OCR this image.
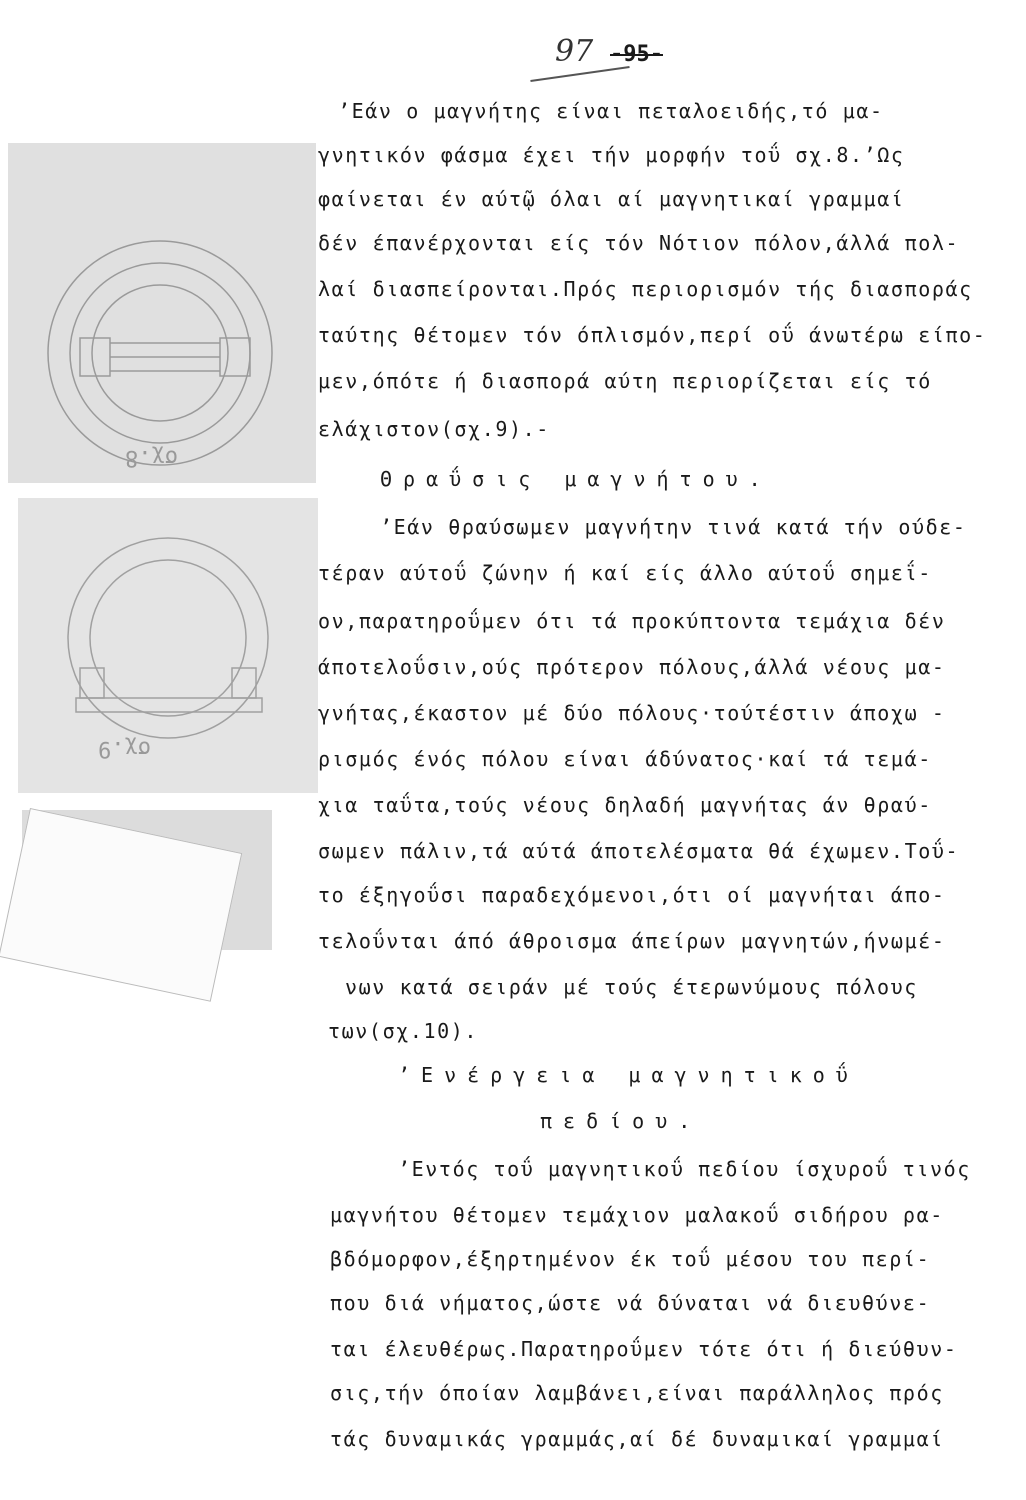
97 -95-
σχ.8
σχ.9
’Εάν ο μαγνήτης είναι πεταλοειδής,τό μα-
γνητικόν φάσμα έχει τήν μορφήν τοΰ σχ.8.’Ως
φαίνεται έν αύτῷ όλαι αί μαγνητικαί γραμμαί
δέν έπανέρχονται είς τόν Νότιον πόλον,άλλά πολ-
λαί διασπείρονται.Πρός περιορισμόν τής διασποράς
ταύτης θέτομεν τόν όπλισμόν,περί οΰ άνωτέρω είπο-
μεν,όπότε ή διασπορά αύτη περιορίζεται είς τό
ελάχιστον(σχ.9).-
Θραΰσις μαγνήτου.
’Εάν θραύσωμεν μαγνήτην τινά κατά τήν ούδε-
τέραν αύτοΰ ζώνην ή καί είς άλλο αύτοΰ σημεΐ-
ον,παρατηροΰμεν ότι τά προκύπτοντα τεμάχια δέν
άποτελοΰσιν,ούς πρότερον πόλους,άλλά νέους μα-
γνήτας,έκαστον μέ δύο πόλους·τούτέστιν άποχω -
ρισμός ένός πόλου είναι άδύνατος·καί τά τεμά-
χια ταΰτα,τούς νέους δηλαδή μαγνήτας άν θραύ-
σωμεν πάλιν,τά αύτά άποτελέσματα θά έχωμεν.Τοΰ-
το έξηγοΰσι παραδεχόμενοι,ότι οί μαγνήται άπο-
τελοΰνται άπό άθροισμα άπείρων μαγνητών,ήνωμέ-
νων κατά σειράν μέ τούς έτερωνύμους πόλους
των(σχ.10).
’Ενέργεια μαγνητικοΰ
πεδίου.
’Εντός τοΰ μαγνητικοΰ πεδίου ίσχυροΰ τινός
μαγνήτου θέτομεν τεμάχιον μαλακοΰ σιδήρου ρα-
βδόμορφον,έξηρτημένον έκ τοΰ μέσου του περί-
που διά νήματος,ώστε νά δύναται νά διευθύνε-
ται έλευθέρως.Παρατηροΰμεν τότε ότι ή διεύθυν-
σις,τήν όποίαν λαμβάνει,είναι παράλληλος πρός
τάς δυναμικάς γραμμάς,αί δέ δυναμικαί γραμμαί
